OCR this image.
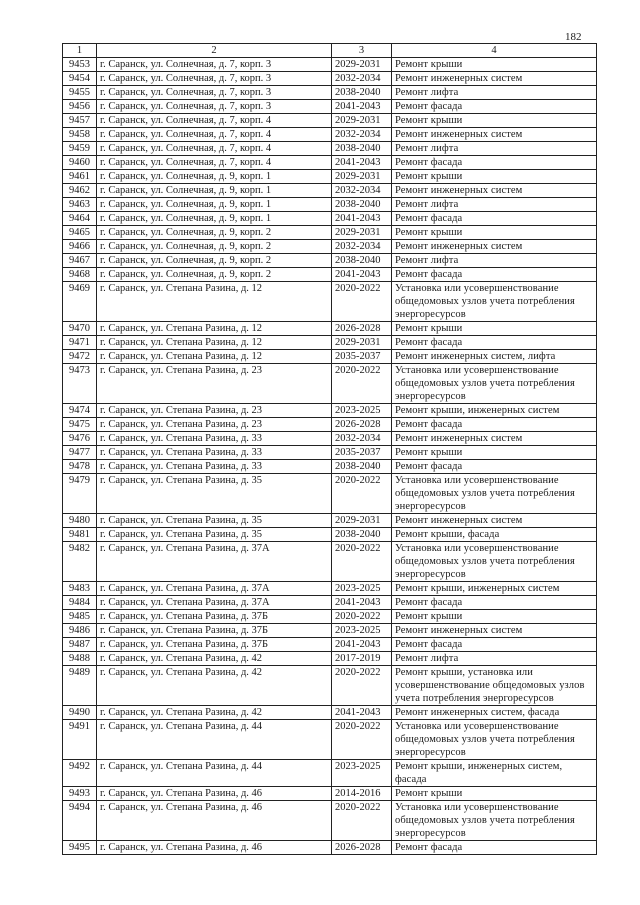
182
1	2	3	4
9453	г. Саранск, ул. Солнечная, д. 7, корп. 3	2029-2031	Ремонт крыши
9454	г. Саранск, ул. Солнечная, д. 7, корп. 3	2032-2034	Ремонт инженерных систем
9455	г. Саранск, ул. Солнечная, д. 7, корп. 3	2038-2040	Ремонт лифта
9456	г. Саранск, ул. Солнечная, д. 7, корп. 3	2041-2043	Ремонт фасада
9457	г. Саранск, ул. Солнечная, д. 7, корп. 4	2029-2031	Ремонт крыши
9458	г. Саранск, ул. Солнечная, д. 7, корп. 4	2032-2034	Ремонт инженерных систем
9459	г. Саранск, ул. Солнечная, д. 7, корп. 4	2038-2040	Ремонт лифта
9460	г. Саранск, ул. Солнечная, д. 7, корп. 4	2041-2043	Ремонт фасада
9461	г. Саранск, ул. Солнечная, д. 9, корп. 1	2029-2031	Ремонт крыши
9462	г. Саранск, ул. Солнечная, д. 9, корп. 1	2032-2034	Ремонт инженерных систем
9463	г. Саранск, ул. Солнечная, д. 9, корп. 1	2038-2040	Ремонт лифта
9464	г. Саранск, ул. Солнечная, д. 9, корп. 1	2041-2043	Ремонт фасада
9465	г. Саранск, ул. Солнечная, д. 9, корп. 2	2029-2031	Ремонт крыши
9466	г. Саранск, ул. Солнечная, д. 9, корп. 2	2032-2034	Ремонт инженерных систем
9467	г. Саранск, ул. Солнечная, д. 9, корп. 2	2038-2040	Ремонт лифта
9468	г. Саранск, ул. Солнечная, д. 9, корп. 2	2041-2043	Ремонт фасада
9469	г. Саранск, ул. Степана Разина, д. 12	2020-2022	Установка или усовершенствование общедомовых узлов учета потребления энергоресурсов
9470	г. Саранск, ул. Степана Разина, д. 12	2026-2028	Ремонт крыши
9471	г. Саранск, ул. Степана Разина, д. 12	2029-2031	Ремонт фасада
9472	г. Саранск, ул. Степана Разина, д. 12	2035-2037	Ремонт инженерных систем, лифта
9473	г. Саранск, ул. Степана Разина, д. 23	2020-2022	Установка или усовершенствование общедомовых узлов учета потребления энергоресурсов
9474	г. Саранск, ул. Степана Разина, д. 23	2023-2025	Ремонт крыши, инженерных систем
9475	г. Саранск, ул. Степана Разина, д. 23	2026-2028	Ремонт фасада
9476	г. Саранск, ул. Степана Разина, д. 33	2032-2034	Ремонт инженерных систем
9477	г. Саранск, ул. Степана Разина, д. 33	2035-2037	Ремонт крыши
9478	г. Саранск, ул. Степана Разина, д. 33	2038-2040	Ремонт фасада
9479	г. Саранск, ул. Степана Разина, д. 35	2020-2022	Установка или усовершенствование общедомовых узлов учета потребления энергоресурсов
9480	г. Саранск, ул. Степана Разина, д. 35	2029-2031	Ремонт инженерных систем
9481	г. Саранск, ул. Степана Разина, д. 35	2038-2040	Ремонт крыши, фасада
9482	г. Саранск, ул. Степана Разина, д. 37А	2020-2022	Установка или усовершенствование общедомовых узлов учета потребления энергоресурсов
9483	г. Саранск, ул. Степана Разина, д. 37А	2023-2025	Ремонт крыши, инженерных систем
9484	г. Саранск, ул. Степана Разина, д. 37А	2041-2043	Ремонт фасада
9485	г. Саранск, ул. Степана Разина, д. 37Б	2020-2022	Ремонт крыши
9486	г. Саранск, ул. Степана Разина, д. 37Б	2023-2025	Ремонт инженерных систем
9487	г. Саранск, ул. Степана Разина, д. 37Б	2041-2043	Ремонт фасада
9488	г. Саранск, ул. Степана Разина, д. 42	2017-2019	Ремонт лифта
9489	г. Саранск, ул. Степана Разина, д. 42	2020-2022	Ремонт крыши, установка или усовершенствование общедомовых узлов учета потребления энергоресурсов
9490	г. Саранск, ул. Степана Разина, д. 42	2041-2043	Ремонт инженерных систем, фасада
9491	г. Саранск, ул. Степана Разина, д. 44	2020-2022	Установка или усовершенствование общедомовых узлов учета потребления энергоресурсов
9492	г. Саранск, ул. Степана Разина, д. 44	2023-2025	Ремонт крыши, инженерных систем, фасада
9493	г. Саранск, ул. Степана Разина, д. 46	2014-2016	Ремонт крыши
9494	г. Саранск, ул. Степана Разина, д. 46	2020-2022	Установка или усовершенствование общедомовых узлов учета потребления энергоресурсов
9495	г. Саранск, ул. Степана Разина, д. 46	2026-2028	Ремонт фасада
